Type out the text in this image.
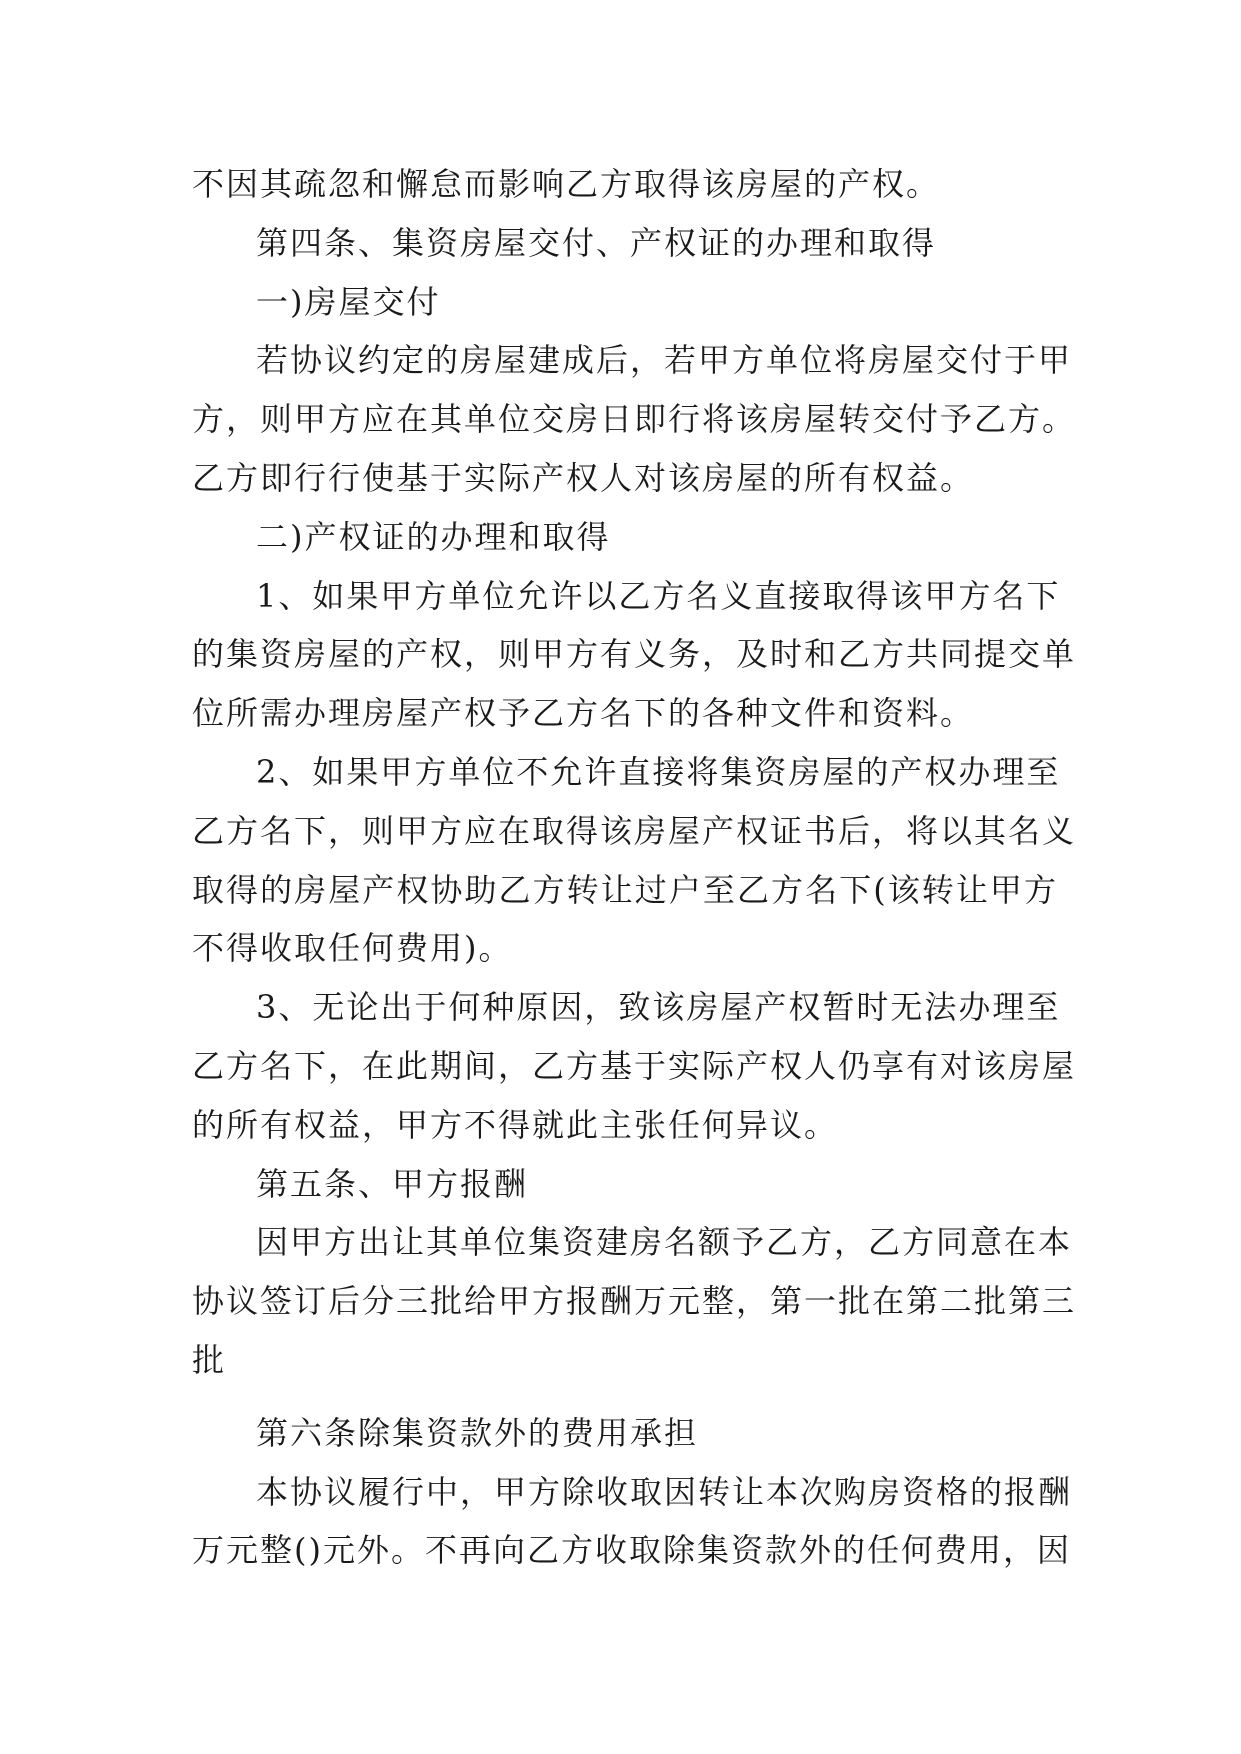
不因其疏忽和懈怠而影响乙方取得该房屋的产权。
第四条、集资房屋交付、产权证的办理和取得
一)房屋交付
若协议约定的房屋建成后，若甲方单位将房屋交付于甲
方，则甲方应在其单位交房日即行将该房屋转交付予乙方。
乙方即行行使基于实际产权人对该房屋的所有权益。
二)产权证的办理和取得
1、如果甲方单位允许以乙方名义直接取得该甲方名下
的集资房屋的产权，则甲方有义务，及时和乙方共同提交单
位所需办理房屋产权予乙方名下的各种文件和资料。
2、如果甲方单位不允许直接将集资房屋的产权办理至
乙方名下，则甲方应在取得该房屋产权证书后，将以其名义
取得的房屋产权协助乙方转让过户至乙方名下(该转让甲方
不得收取任何费用)。
3、无论出于何种原因，致该房屋产权暂时无法办理至
乙方名下，在此期间，乙方基于实际产权人仍享有对该房屋
的所有权益，甲方不得就此主张任何异议。
第五条、甲方报酬
因甲方出让其单位集资建房名额予乙方，乙方同意在本
协议签订后分三批给甲方报酬万元整，第一批在第二批第三
批
第六条除集资款外的费用承担
本协议履行中，甲方除收取因转让本次购房资格的报酬
万元整()元外。不再向乙方收取除集资款外的任何费用，因
